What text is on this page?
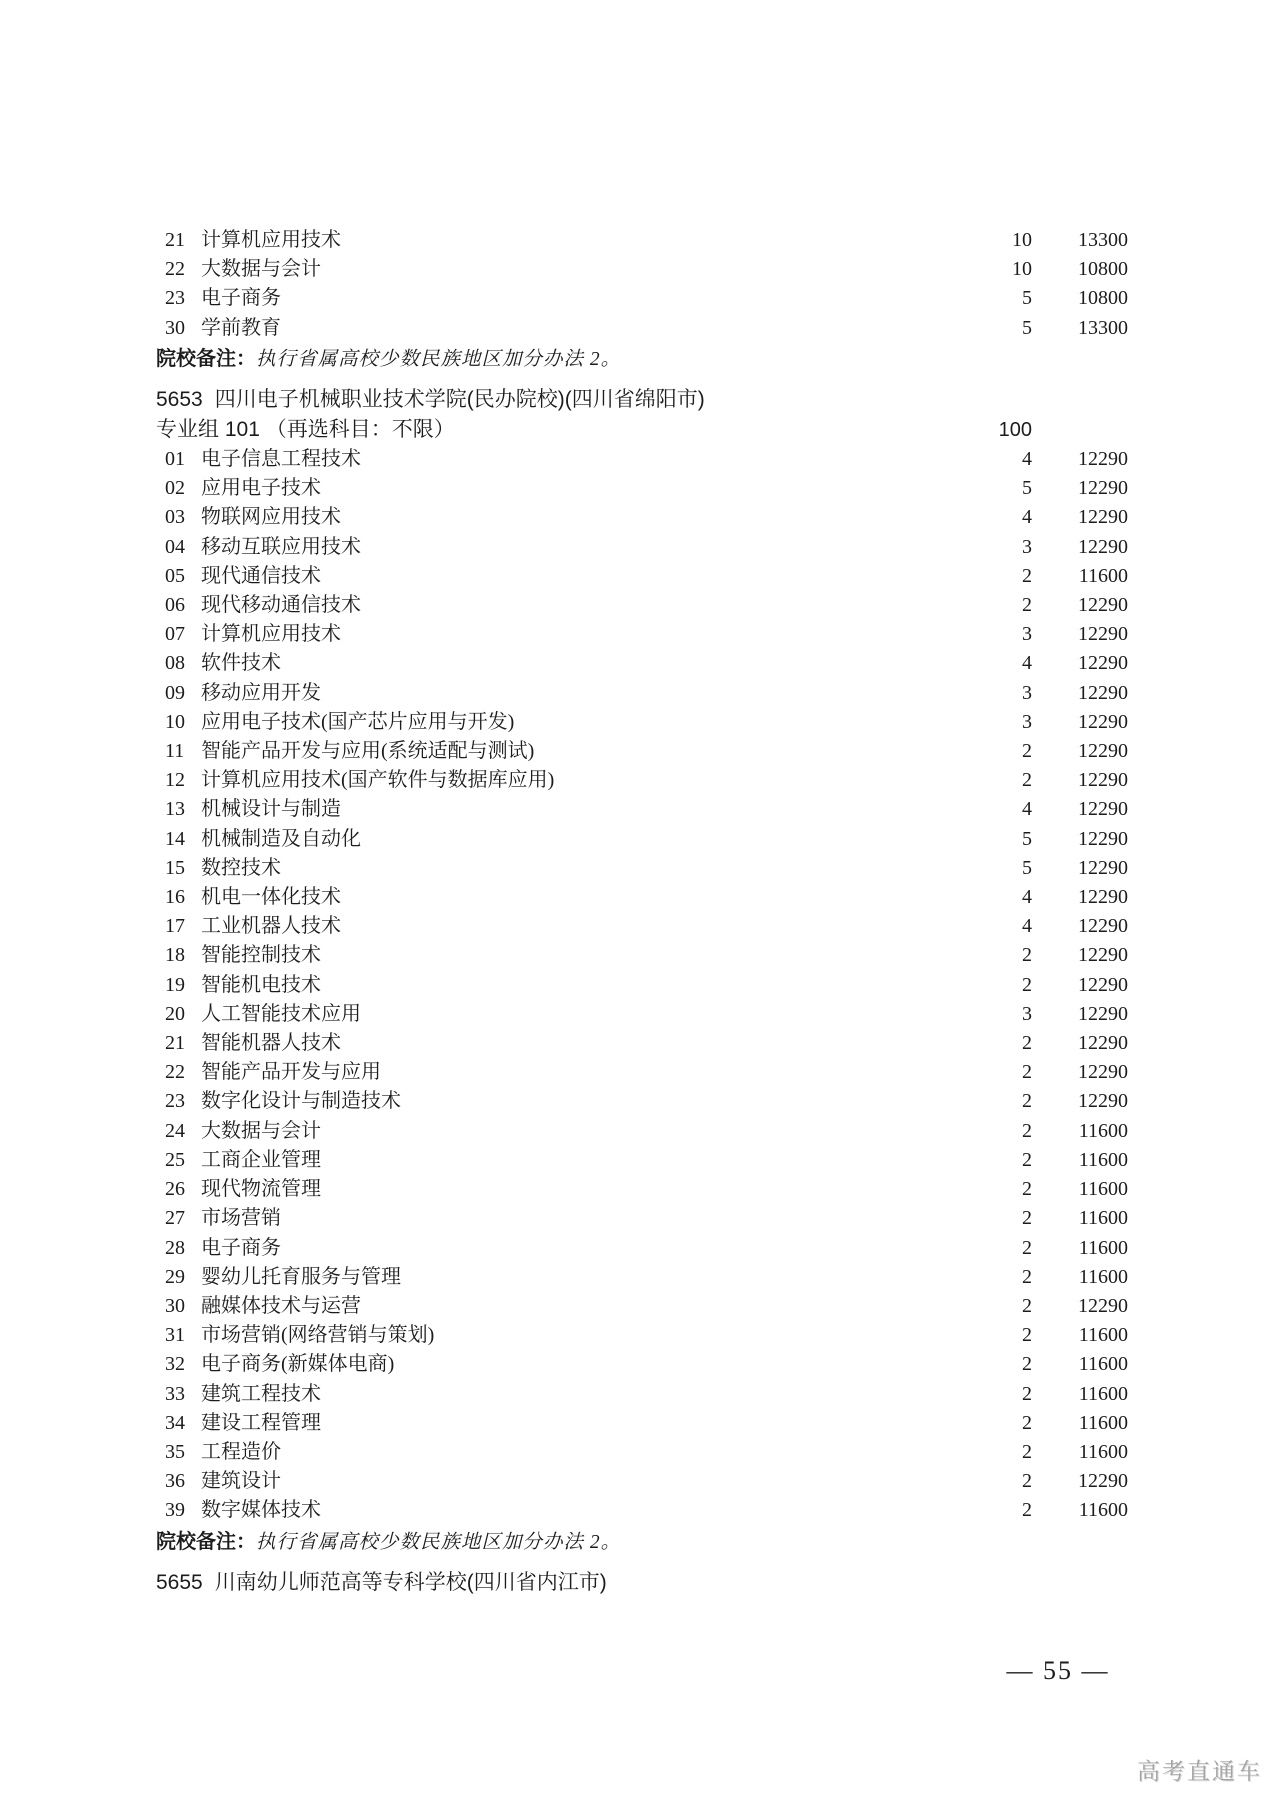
21 计算机应用技术	10	13300
22 大数据与会计	10	10800
23 电子商务	5	10800
30 学前教育	5	13300

院校备注：执行省属高校少数民族地区加分办法 2。

5653 四川电子机械职业技术学院(民办院校)(四川省绵阳市)
专业组 101 （再选科目：不限）	100
01 电子信息工程技术	4	12290
02 应用电子技术	5	12290
03 物联网应用技术	4	12290
04 移动互联应用技术	3	12290
05 现代通信技术	2	11600
06 现代移动通信技术	2	12290
07 计算机应用技术	3	12290
08 软件技术	4	12290
09 移动应用开发	3	12290
10 应用电子技术(国产芯片应用与开发)	3	12290
11 智能产品开发与应用(系统适配与测试)	2	12290
12 计算机应用技术(国产软件与数据库应用)	2	12290
13 机械设计与制造	4	12290
14 机械制造及自动化	5	12290
15 数控技术	5	12290
16 机电一体化技术	4	12290
17 工业机器人技术	4	12290
18 智能控制技术	2	12290
19 智能机电技术	2	12290
20 人工智能技术应用	3	12290
21 智能机器人技术	2	12290
22 智能产品开发与应用	2	12290
23 数字化设计与制造技术	2	12290
24 大数据与会计	2	11600
25 工商企业管理	2	11600
26 现代物流管理	2	11600
27 市场营销	2	11600
28 电子商务	2	11600
29 婴幼儿托育服务与管理	2	11600
30 融媒体技术与运营	2	12290
31 市场营销(网络营销与策划)	2	11600
32 电子商务(新媒体电商)	2	11600
33 建筑工程技术	2	11600
34 建设工程管理	2	11600
35 工程造价	2	11600
36 建筑设计	2	12290
39 数字媒体技术	2	11600

院校备注：执行省属高校少数民族地区加分办法 2。

5655 川南幼儿师范高等专科学校(四川省内江市)
— 55 —
高考直通车
